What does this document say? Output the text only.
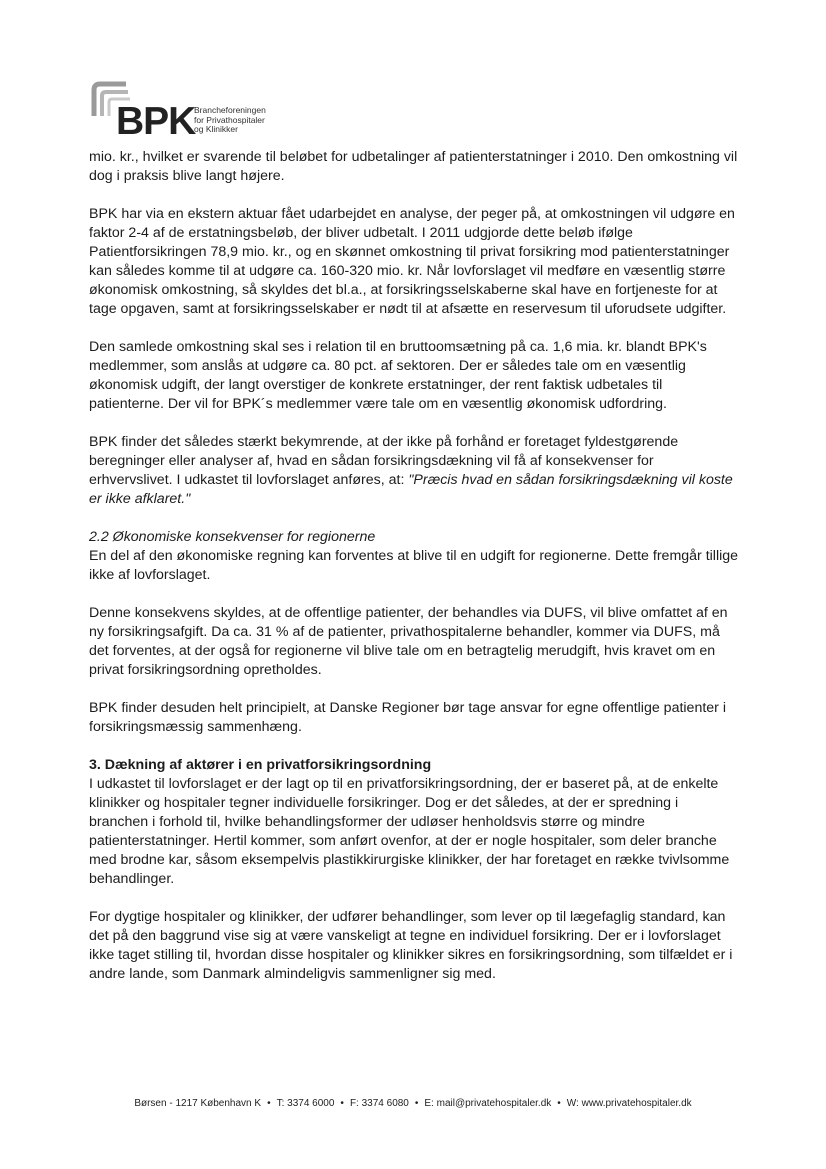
BPK
Brancheforeningen
for Privathospitaler
og Klinikker

mio. kr., hvilket er svarende til beløbet for udbetalinger af patienterstatninger i 2010. Den omkostning vil dog i praksis blive langt højere.

BPK har via en ekstern aktuar fået udarbejdet en analyse, der peger på, at omkostningen vil udgøre en faktor 2-4 af de erstatningsbeløb, der bliver udbetalt. I 2011 udgjorde dette beløb ifølge Patientforsikringen 78,9 mio. kr., og en skønnet omkostning til privat forsikring mod patienterstatninger kan således komme til at udgøre ca. 160-320 mio. kr. Når lovforslaget vil medføre en væsentlig større økonomisk omkostning, så skyldes det bl.a., at forsikringsselskaberne skal have en fortjeneste for at tage opgaven, samt at forsikringsselskaber er nødt til at afsætte en reservesum til uforudsete udgifter.

Den samlede omkostning skal ses i relation til en bruttoomsætning på ca. 1,6 mia. kr. blandt BPK's medlemmer, som anslås at udgøre ca. 80 pct. af sektoren. Der er således tale om en væsentlig økonomisk udgift, der langt overstiger de konkrete erstatninger, der rent faktisk udbetales til patienterne. Der vil for BPK´s medlemmer være tale om en væsentlig økonomisk udfordring.

BPK finder det således stærkt bekymrende, at der ikke på forhånd er foretaget fyldestgørende beregninger eller analyser af, hvad en sådan forsikringsdækning vil få af konsekvenser for erhvervslivet. I udkastet til lovforslaget anføres, at: "Præcis hvad en sådan forsikringsdækning vil koste er ikke afklaret."

2.2 Økonomiske konsekvenser for regionerne

En del af den økonomiske regning kan forventes at blive til en udgift for regionerne. Dette fremgår tillige ikke af lovforslaget.

Denne konsekvens skyldes, at de offentlige patienter, der behandles via DUFS, vil blive omfattet af en ny forsikringsafgift. Da ca. 31 % af de patienter, privathospitalerne behandler, kommer via DUFS, må det forventes, at der også for regionerne vil blive tale om en betragtelig merudgift, hvis kravet om en privat forsikringsordning opretholdes.

BPK finder desuden helt principielt, at Danske Regioner bør tage ansvar for egne offentlige patienter i forsikringsmæssig sammenhæng.

3. Dækning af aktører i en privatforsikringsordning

I udkastet til lovforslaget er der lagt op til en privatforsikringsordning, der er baseret på, at de enkelte klinikker og hospitaler tegner individuelle forsikringer. Dog er det således, at der er spredning i branchen i forhold til, hvilke behandlingsformer der udløser henholdsvis større og mindre patienterstatninger. Hertil kommer, som anført ovenfor, at der er nogle hospitaler, som deler branche med brodne kar, såsom eksempelvis plastikkirurgiske klinikker, der har foretaget en række tvivlsomme behandlinger.

For dygtige hospitaler og klinikker, der udfører behandlinger, som lever op til lægefaglig standard, kan det på den baggrund vise sig at være vanskeligt at tegne en individuel forsikring. Der er i lovforslaget ikke taget stilling til, hvordan disse hospitaler og klinikker sikres en forsikringsordning, som tilfældet er i andre lande, som Danmark almindeligvis sammenligner sig med.

Børsen - 1217 København K • T: 3374 6000 • F: 3374 6080 • E: mail@privatehospitaler.dk • W: www.privatehospitaler.dk
